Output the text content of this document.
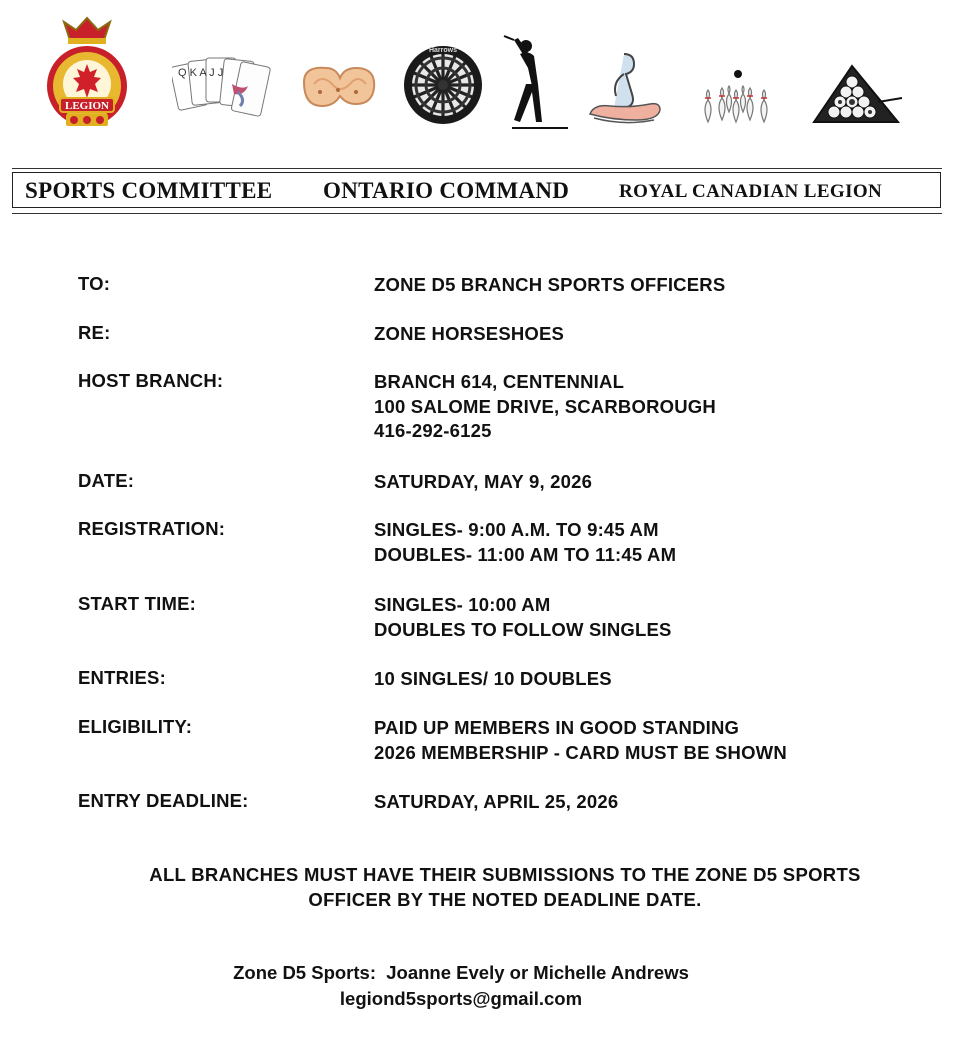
LEGION
Q K A J J
Harrows
SPORTS COMMITTEE ONTARIO COMMAND	ROYAL CANADIAN LEGION
TO:	ZONE D5 BRANCH SPORTS OFFICERS
RE:	ZONE HORSESHOES
HOST BRANCH:	BRANCH 614, CENTENNIAL
100 SALOME DRIVE, SCARBOROUGH
416-292-6125
DATE:	SATURDAY, MAY 9, 2026
REGISTRATION:	SINGLES- 9:00 A.M. TO 9:45 AM
DOUBLES- 11:00 AM TO 11:45 AM
START TIME:	SINGLES- 10:00 AM
DOUBLES TO FOLLOW SINGLES
ENTRIES:	10 SINGLES/ 10 DOUBLES
ELIGIBILITY:	PAID UP MEMBERS IN GOOD STANDING
2026 MEMBERSHIP - CARD MUST BE SHOWN
ENTRY DEADLINE:	SATURDAY, APRIL 25, 2026
ALL BRANCHES MUST HAVE THEIR SUBMISSIONS TO THE ZONE D5 SPORTS
OFFICER BY THE NOTED DEADLINE DATE.
Zone D5 Sports:  Joanne Evely or Michelle Andrews
legiond5sports@gmail.com
